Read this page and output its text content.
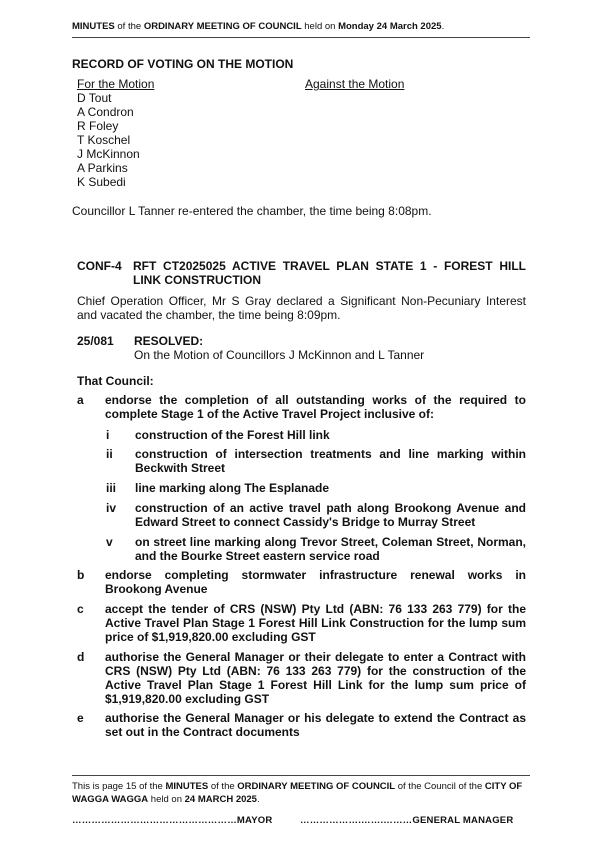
MINUTES of the ORDINARY MEETING OF COUNCIL held on Monday 24 March 2025.
RECORD OF VOTING ON THE MOTION
For the Motion
D Tout
A Condron
R Foley
T Koschel
J McKinnon
A Parkins
K Subedi
Against the Motion
Councillor L Tanner re-entered the chamber, the time being 8:08pm.
CONF-4 RFT CT2025025 ACTIVE TRAVEL PLAN STATE 1 - FOREST HILL
LINK CONSTRUCTION
Chief Operation Officer, Mr S Gray declared a Significant Non-Pecuniary Interest and vacated the chamber, the time being 8:09pm.
25/081 RESOLVED:
On the Motion of Councillors J McKinnon and L Tanner
That Council:
a endorse the completion of all outstanding works of the required to complete Stage 1 of the Active Travel Project inclusive of:
i construction of the Forest Hill link
ii construction of intersection treatments and line marking within Beckwith Street
iii line marking along The Esplanade
iv construction of an active travel path along Brookong Avenue and Edward Street to connect Cassidy's Bridge to Murray Street
v on street line marking along Trevor Street, Coleman Street, Norman, and the Bourke Street eastern service road
b endorse completing stormwater infrastructure renewal works in Brookong Avenue
c accept the tender of CRS (NSW) Pty Ltd (ABN: 76 133 263 779) for the Active Travel Plan Stage 1 Forest Hill Link Construction for the lump sum price of $1,919,820.00 excluding GST
d authorise the General Manager or their delegate to enter a Contract with CRS (NSW) Pty Ltd (ABN: 76 133 263 779) for the construction of the Active Travel Plan Stage 1 Forest Hill Link for the lump sum price of $1,919,820.00 excluding GST
e authorise the General Manager or his delegate to extend the Contract as set out in the Contract documents
This is page 15 of the MINUTES of the ORDINARY MEETING OF COUNCIL of the Council of the CITY OF WAGGA WAGGA held on 24 MARCH 2025.
……………………………………………MAYOR	……………….…….………GENERAL MANAGER
